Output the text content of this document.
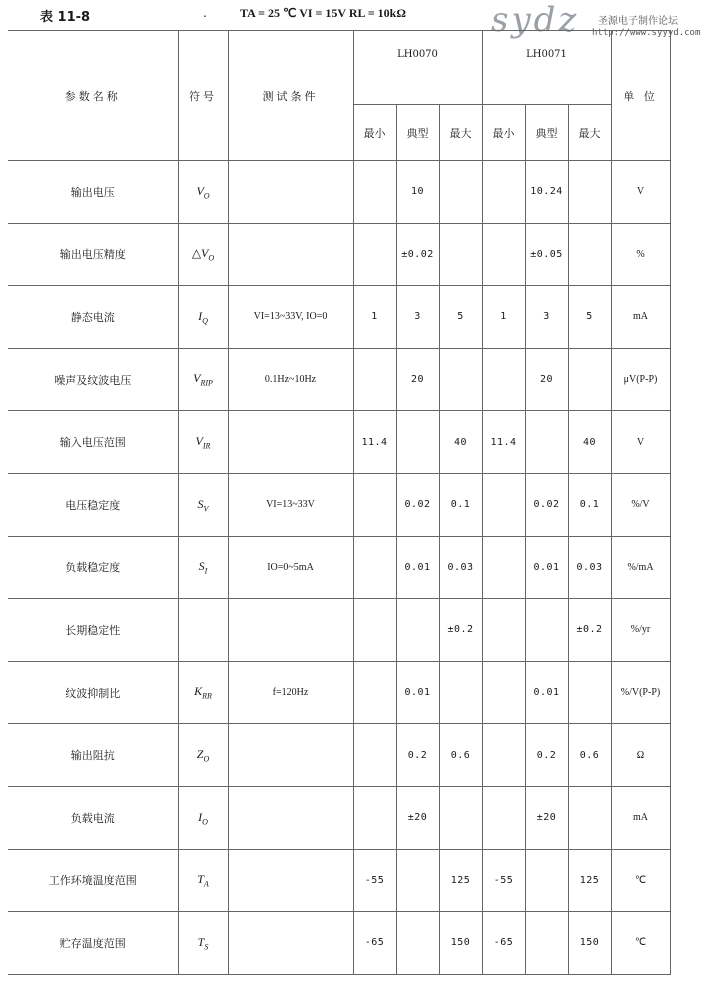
表 11-8	.	TA = 25 ℃ VI = 15V RL = 10kΩ	sydz 圣源电子制作论坛
http://www.syyyd.com
参数名称	符号	测试条件	LH0070			LH0071			单 位
			最小	典型	最大	最小	典型	最大	
输出电压	$V_O$			10			10.24		V
输出电压精度	$\triangle V_O$			±0.02			±0.05		%
静态电流	$I_Q$	VI=13~33V, IO=0	1	3	5	1	3	5	mA
噪声及纹波电压	$V_{RIP}$	0.1Hz~10Hz		20			20		μV(P-P)
输入电压范围	$V_{IR}$		11.4		40	11.4		40	V
电压稳定度	$S_V$	VI=13~33V		0.02	0.1		0.02	0.1	%/V
负载稳定度	$S_I$	IO=0~5mA		0.01	0.03		0.01	0.03	%/mA
长期稳定性					±0.2			±0.2	%/yr
纹波抑制比	$K_{RR}$	f=120Hz		0.01			0.01		%/V(P-P)
输出阻抗	$Z_O$			0.2	0.6		0.2	0.6	Ω
负载电流	$I_O$			±20			±20		mA
工作环境温度范围	$T_A$		-55		125	-55		125	℃
贮存温度范围	$T_S$		-65		150	-65		150	℃
